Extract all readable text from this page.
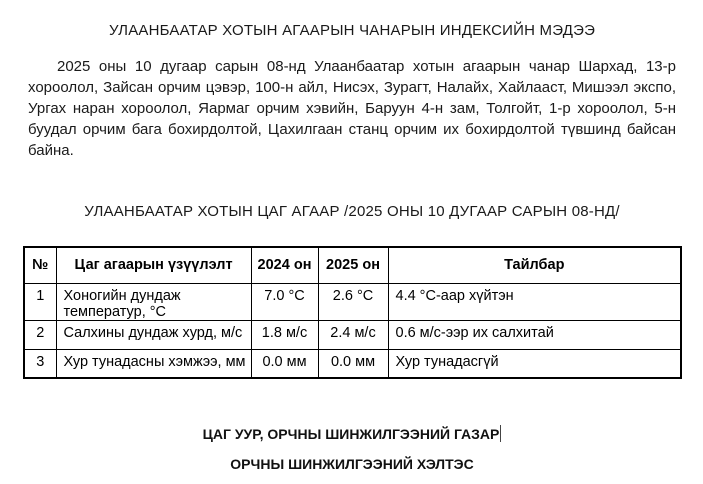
УЛААНБААТАР ХОТЫН АГААРЫН ЧАНАРЫН ИНДЕКСИЙН МЭДЭЭ

2025 оны 10 дугаар сарын 08-нд Улаанбаатар хотын агаарын чанар Шархад, 13-р хороолол, Зайсан орчим цэвэр, 100-н айл, Нисэх, Зурагт, Налайх, Хайлааст, Мишээл экспо, Ургах наран хороолол, Яармаг орчим хэвийн, Баруун 4-н зам, Толгойт, 1-р хороолол, 5-н буудал орчим бага бохирдолтой, Цахилгаан станц орчим их бохирдолтой түвшинд байсан байна.

УЛААНБААТАР ХОТЫН ЦАГ АГААР /2025 ОНЫ 10 ДУГААР САРЫН 08-НД/
№	Цаг агаарын үзүүлэлт	2024 он	2025 он	Тайлбар
1	Хоногийн дундаж температур, °С	7.0 °С	2.6 °С	4.4 °С-аар хүйтэн
2	Салхины дундаж хурд, м/с	1.8 м/с	2.4 м/с	0.6 м/с-ээр их салхитай
3	Хур тунадасны хэмжээ, мм	0.0 мм	0.0 мм	Хур тунадасгүй
ЦАГ УУР, ОРЧНЫ ШИНЖИЛГЭЭНИЙ ГАЗАР
ОРЧНЫ ШИНЖИЛГЭЭНИЙ ХЭЛТЭС
